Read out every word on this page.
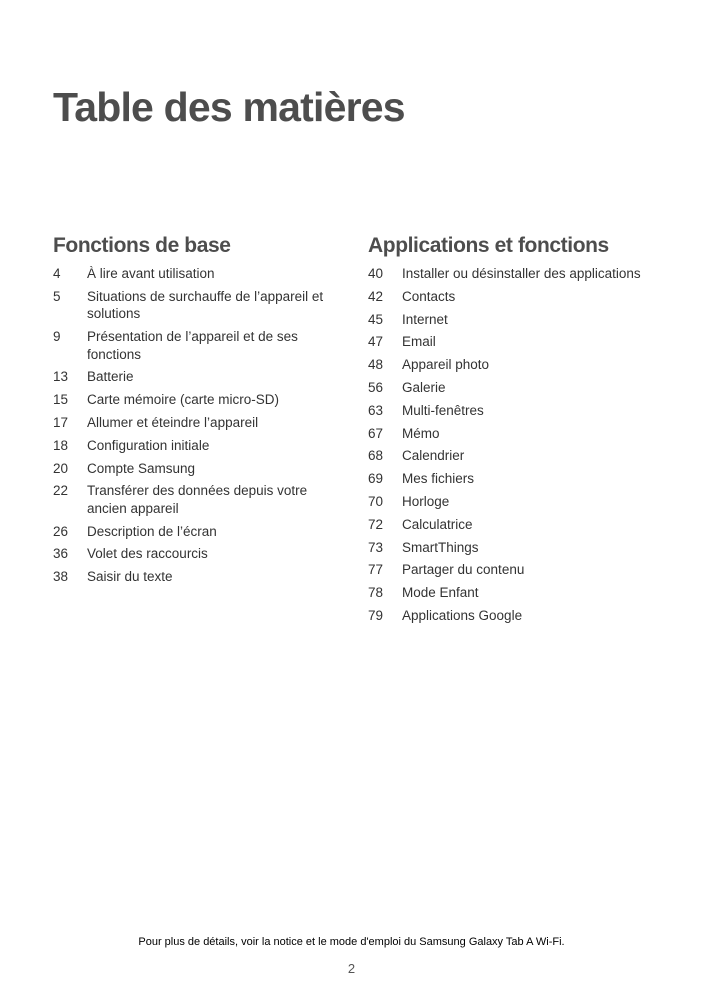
Table des matières
Fonctions de base
4	À lire avant utilisation
5	Situations de surchauffe de l’appareil et solutions
9	Présentation de l’appareil et de ses fonctions
13	Batterie
15	Carte mémoire (carte micro-SD)
17	Allumer et éteindre l’appareil
18	Configuration initiale
20	Compte Samsung
22	Transférer des données depuis votre ancien appareil
26	Description de l’écran
36	Volet des raccourcis
38	Saisir du texte
Applications et fonctions
40	Installer ou désinstaller des applications
42	Contacts
45	Internet
47	Email
48	Appareil photo
56	Galerie
63	Multi-fenêtres
67	Mémo
68	Calendrier
69	Mes fichiers
70	Horloge
72	Calculatrice
73	SmartThings
77	Partager du contenu
78	Mode Enfant
79	Applications Google
Pour plus de détails, voir la notice et le mode d'emploi du Samsung Galaxy Tab A Wi-Fi.
2
